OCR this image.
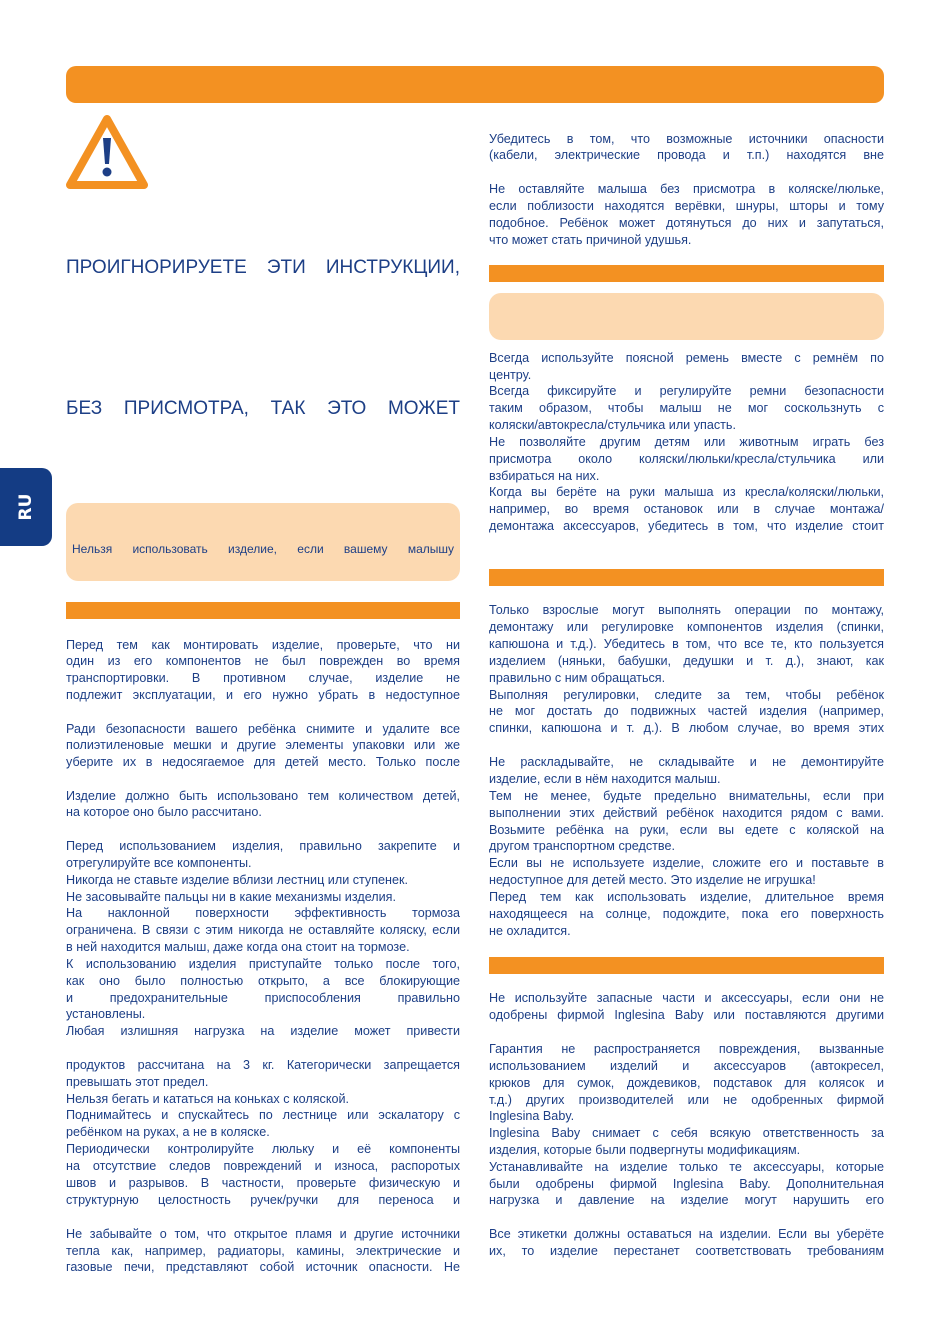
ПРОИГНОРИРУЕТЕ ЭТИ ИНСТРУКЦИИ,
БЕЗ ПРИСМОТРА, ТАК ЭТО МОЖЕТ
RU
Нельзя использовать изделие, если вашему малышу
Перед тем как монтировать изделие, проверьте, что ни
один из его компонентов не был поврежден во время
транспортировки. В противном случае, изделие не
подлежит эксплуатации, и его нужно убрать в недоступное
Ради безопасности вашего ребёнка снимите и удалите все
полиэтиленовые мешки и другие элементы упаковки или же
уберите их в недосягаемое для детей место. Только после
Изделие должно быть использовано тем количеством детей,
на которое оно было рассчитано.
Перед использованием изделия, правильно закрепите и
отрегулируйте все компоненты.
Никогда не ставьте изделие вблизи лестниц или ступенек.
Не засовывайте пальцы ни в какие механизмы изделия.
На наклонной поверхности эффективность тормоза
ограничена. В связи с этим никогда не оставляйте коляску, если
в ней находится малыш, даже когда она стоит на тормозе.
К использованию изделия приступайте только после того,
как оно было полностью открыто, а все блокирующие
и предохранительные приспособления правильно
установлены.
Любая излишняя нагрузка на изделие может привести
продуктов рассчитана на 3 кг. Категорически запрещается
превышать этот предел.
Нельзя бегать и кататься на коньках с коляской.
Поднимайтесь и спускайтесь по лестнице или эскалатору с
ребёнком на руках, а не в коляске.
Периодически контролируйте люльку и её компоненты
на отсутствие следов повреждений и износа, распоротых
швов и разрывов. В частности, проверьте физическую и
структурную целостность ручек/ручки для переноса и
Не забывайте о том, что открытое пламя и другие источники
тепла как, например, радиаторы, камины, электрические и
газовые печи, представляют собой источник опасности. Не
Убедитесь в том, что возможные источники опасности
(кабели, электрические провода и т.п.) находятся вне
Не оставляйте малыша без присмотра в коляске/люльке,
если поблизости находятся верёвки, шнуры, шторы и тому
подобное. Ребёнок может дотянуться до них и запутаться,
что может стать причиной удушья.
Всегда используйте поясной ремень вместе с ремнём по
центру.
Всегда фиксируйте и регулируйте ремни безопасности
таким образом, чтобы малыш не мог соскользнуть с
коляски/автокресла/стульчика или упасть.
Не позволяйте другим детям или животным играть без
присмотра около коляски/люльки/кресла/стульчика или
взбираться на них.
Когда вы берёте на руки малыша из кресла/коляски/люльки,
например, во время остановок или в случае монтажа/
демонтажа аксессуаров, убедитесь в том, что изделие стоит
Только взрослые могут выполнять операции по монтажу,
демонтажу или регулировке компонентов изделия (спинки,
капюшона и т.д.). Убедитесь в том, что все те, кто пользуется
изделием (няньки, бабушки, дедушки и т. д.), знают, как
правильно с ним обращаться.
Выполняя регулировки, следите за тем, чтобы ребёнок
не мог достать до подвижных частей изделия (например,
спинки, капюшона и т. д.). В любом случае, во время этих
Не раскладывайте, не складывайте и не демонтируйте
изделие, если в нём находится малыш.
Тем не менее, будьте предельно внимательны, если при
выполнении этих действий ребёнок находится рядом с вами.
Возьмите ребёнка на руки, если вы едете с коляской на
другом транспортном средстве.
Если вы не используете изделие, сложите его и поставьте в
недоступное для детей место. Это изделие не игрушка!
Перед тем как использовать изделие, длительное время
находящееся на солнце, подождите, пока его поверхность
не охладится.
Не используйте запасные части и аксессуары, если они не
одобрены фирмой Inglesina Baby или поставляются другими
Гарантия не распространяется повреждения, вызванные
использованием изделий и аксессуаров (автокресел,
крюков для сумок, дождевиков, подставок для колясок и
т.д.) других производителей или не одобренных фирмой
Inglesina Baby.
Inglesina Baby снимает с себя всякую ответственность за
изделия, которые были подвергнуты модификациям.
Устанавливайте на изделие только те аксессуары, которые
были одобрены фирмой Inglesina Baby. Дополнительная
нагрузка и давление на изделие могут нарушить его
Все этикетки должны оставаться на изделии. Если вы уберёте
их, то изделие перестанет соответствовать требованиям
